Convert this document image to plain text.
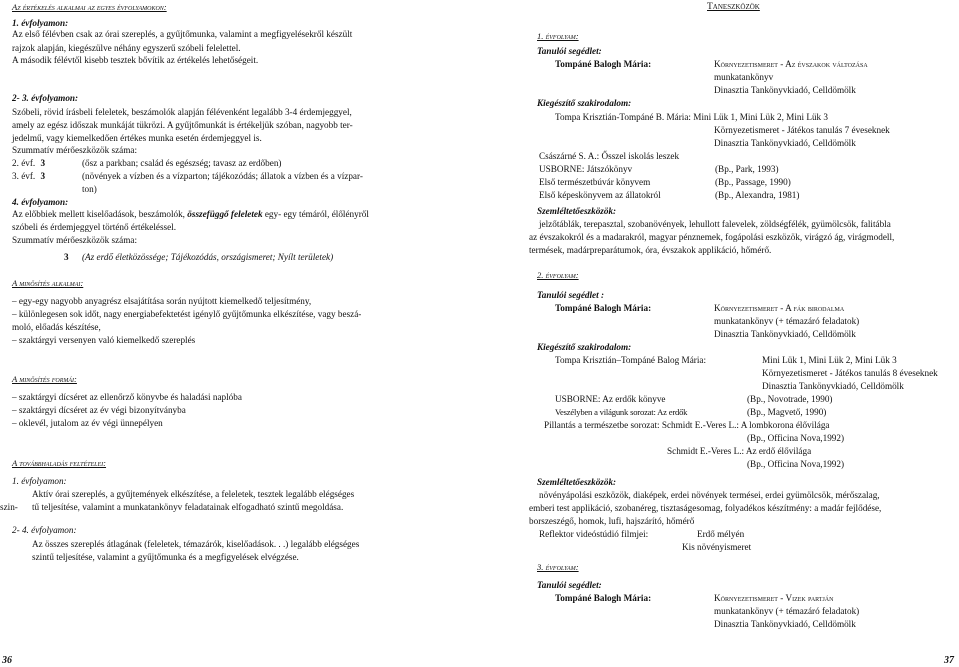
Az értékelés alkalmai az egyes évfolyamokon:
1. évfolyamon:
Az első félévben csak az órai szereplés, a gyűjtőmunka, valamint a megfigyelésekről készült
rajzok alapján, kiegészülve néhány egyszerű szóbeli felelettel.
A második félévtől kisebb tesztek bővítik az értékelés lehetőségeit.
2- 3. évfolyamon:
Szóbeli, rövid írásbeli feleletek, beszámolók alapján félévenként legalább 3-4 érdemjeggyel,
amely az egész időszak munkáját tükrözi. A gyűjtőmunkát is értékeljük szóban, nagyobb ter-
jedelmű, vagy kiemelkedően értékes munka esetén érdemjeggyel is.
Szummatív mérőeszközök száma:
2. évf. 3	(ősz a parkban; család és egészség; tavasz az erdőben)
3. évf. 3	(növények a vízben és a vízparton; tájékozódás; állatok a vízben és a vízpar-
ton)
4. évfolyamon:
Az előbbiek mellett kiselőadások, beszámolók, összefüggő feleletek egy- egy témáról, élőlényről
szóbeli és érdemjeggyel történő értékeléssel.
Szummatív mérőeszközök száma:
3 (Az erdő életközössége; Tájékozódás, országismeret; Nyílt területek)
A minősítés alkalmai:
– egy-egy nagyobb anyagrész elsajátítása során nyújtott kiemelkedő teljesítmény,
– különlegesen sok időt, nagy energiabefektetést igénylő gyűjtőmunka elkészítése, vagy beszá-
moló, előadás készítése,
– szaktárgyi versenyen való kiemelkedő szereplés
A minősítés formái:
– szaktárgyi dícséret az ellenőrző könyvbe és haladási naplóba
– szaktárgyi dícséret az év végi bizonyítványba
– oklevél, jutalom az év végi ünnepélyen
A továbbhaladás feltételei:
1. évfolyamon:
Aktív órai szereplés, a gyűjtemények elkészítése, a feleletek, tesztek legalább elégséges
szin- tű teljesítése, valamint a munkatankönyv feladatainak elfogadható szintű megoldása.
2- 4. évfolyamon:
Az összes szereplés átlagának (feleletek, témazárók, kiselőadások. . .) legalább elégséges
szintű teljesítése, valamint a gyűjtőmunka és a megfigyelések elvégzése.
36
Taneszközök
1. évfolyam:
Tanulói segédlet:
Tompáné Balogh Mária:	Környezetismeret - Az évszakok változása
munkatankönyv
Dinasztia Tankönyvkiadó, Celldömölk
Kiegészítő szakirodalom:
Tompa Krisztián-Tompáné B. Mária: Mini Lük 1, Mini Lük 2, Mini Lük 3
Környezetismeret - Játékos tanulás 7 éveseknek
Dinasztia Tankönyvkiadó, Celldömölk
Császárné S. A.: Ősszel iskolás leszek
USBORNE: Játszókönyv	(Bp., Park, 1993)
Első természetbúvár könyvem	(Bp., Passage, 1990)
Első képeskönyvem az állatokról	(Bp., Alexandra, 1981)
Szemléltetőeszközök:
jelzőtáblák, terepasztal, szobanövények, lehullott falevelek, zöldségfélék, gyümölcsök, falitábla
az évszakokról és a madarakról, magyar pénznemek, fogápolási eszközök, virágzó ág, virágmodell,
termések, madárpreparátumok, óra, évszakok applikáció, hőmérő.
2. évfolyam:
Tanulói segédlet :
Tompáné Balogh Mária:	Környezetismeret - A fák birodalma
munkatankönyv (+ témazáró feladatok)
Dinasztia Tankönyvkiadó, Celldömölk
Kiegészítő szakirodalom:
Tompa Krisztián–Tompáné Balog Mária:	Mini Lük 1, Mini Lük 2, Mini Lük 3
Környezetismeret - Játékos tanulás 8 éveseknek
Dinasztia Tankönyvkiadó, Celldömölk
USBORNE: Az erdők könyve	(Bp., Novotrade, 1990)
Veszélyben a világunk sorozat: Az erdők	(Bp., Magvető, 1990)
Pillantás a természetbe sorozat: Schmidt E.-Veres L.: A lombkorona élővilága
(Bp., Officina Nova,1992)
Schmidt E.-Veres L.: Az erdő élővilága
(Bp., Officina Nova,1992)
Szemléltetőeszközök:
növényápolási eszközök, diaképek, erdei növények termései, erdei gyümölcsök, mérőszalag,
emberi test applikáció, szobanéreg, tisztaságesomag, folyadékos készítmény: a madár fejlődése,
borszeszégő, homok, lufi, hajszárító, hőmérő
Reflektor videóstúdió filmjei:	Erdő mélyén
Kis növényismeret
3. évfolyam:
Tanulói segédlet:
Tompáné Balogh Mária:	Környezetismeret - Vizek partján
munkatankönyv (+ témazáró feladatok)
Dinasztia Tankönyvkiadó, Celldömölk
37
